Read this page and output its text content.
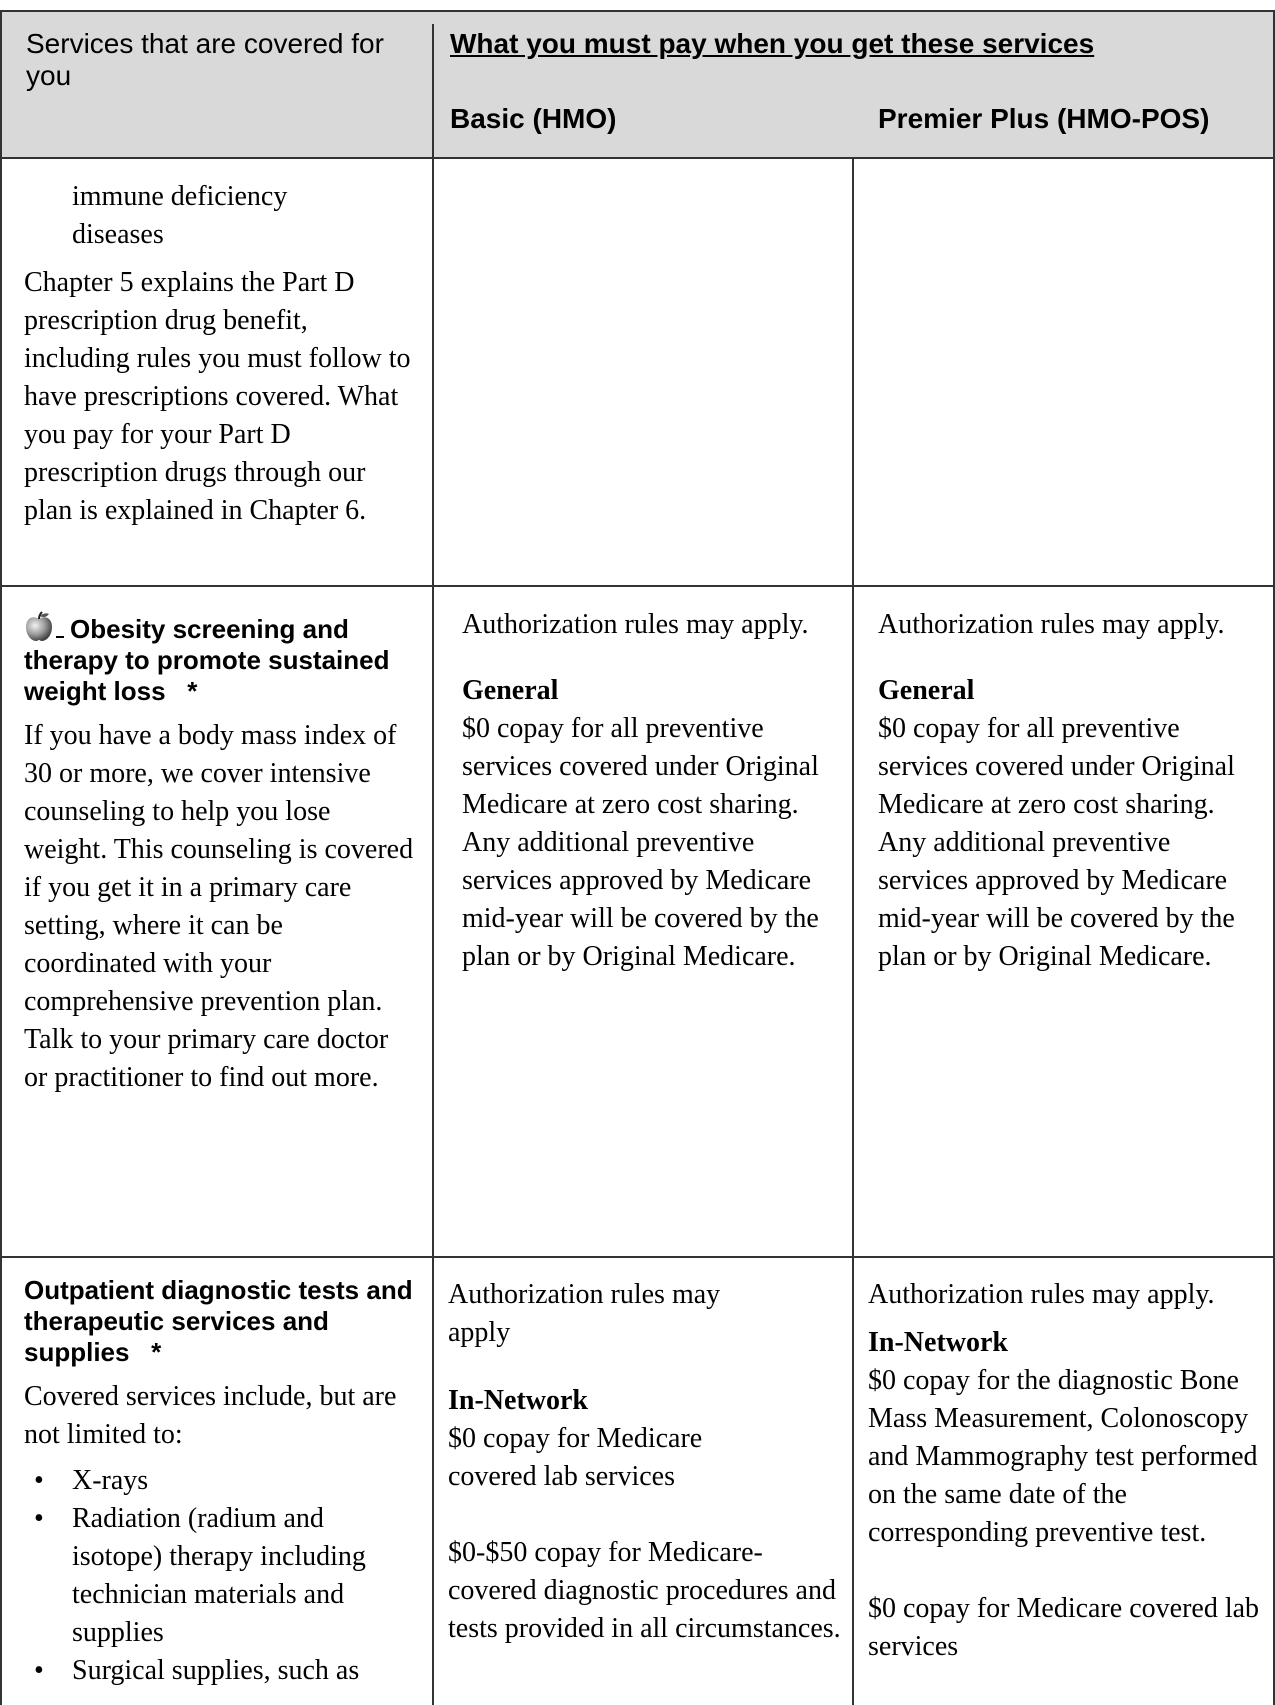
Services that are covered for you
What you must pay when you get these services
Basic (HMO)	Premier Plus (HMO-POS)
immune deficiency diseases

Chapter 5 explains the Part D prescription drug benefit, including rules you must follow to have prescriptions covered. What you pay for your Part D prescription drugs through our plan is explained in Chapter 6.

Obesity screening and therapy to promote sustained weight loss *

If you have a body mass index of 30 or more, we cover intensive counseling to help you lose weight. This counseling is covered if you get it in a primary care setting, where it can be coordinated with your comprehensive prevention plan. Talk to your primary care doctor or practitioner to find out more.

Authorization rules may apply.

General

$0 copay for all preventive services covered under Original Medicare at zero cost sharing. Any additional preventive services approved by Medicare mid-year will be covered by the plan or by Original Medicare.

Authorization rules may apply.

General

$0 copay for all preventive services covered under Original Medicare at zero cost sharing. Any additional preventive services approved by Medicare mid-year will be covered by the plan or by Original Medicare.

Outpatient diagnostic tests and therapeutic services and supplies *

Covered services include, but are not limited to:

• X-rays
• Radiation (radium and isotope) therapy including technician materials and supplies
• Surgical supplies, such as

Authorization rules may apply

In-Network

$0 copay for Medicare covered lab services

$0-$50 copay for Medicare-covered diagnostic procedures and tests provided in all circumstances.

Authorization rules may apply.

In-Network

$0 copay for the diagnostic Bone Mass Measurement, Colonoscopy and Mammography test performed on the same date of the corresponding preventive test.

$0 copay for Medicare covered lab services
